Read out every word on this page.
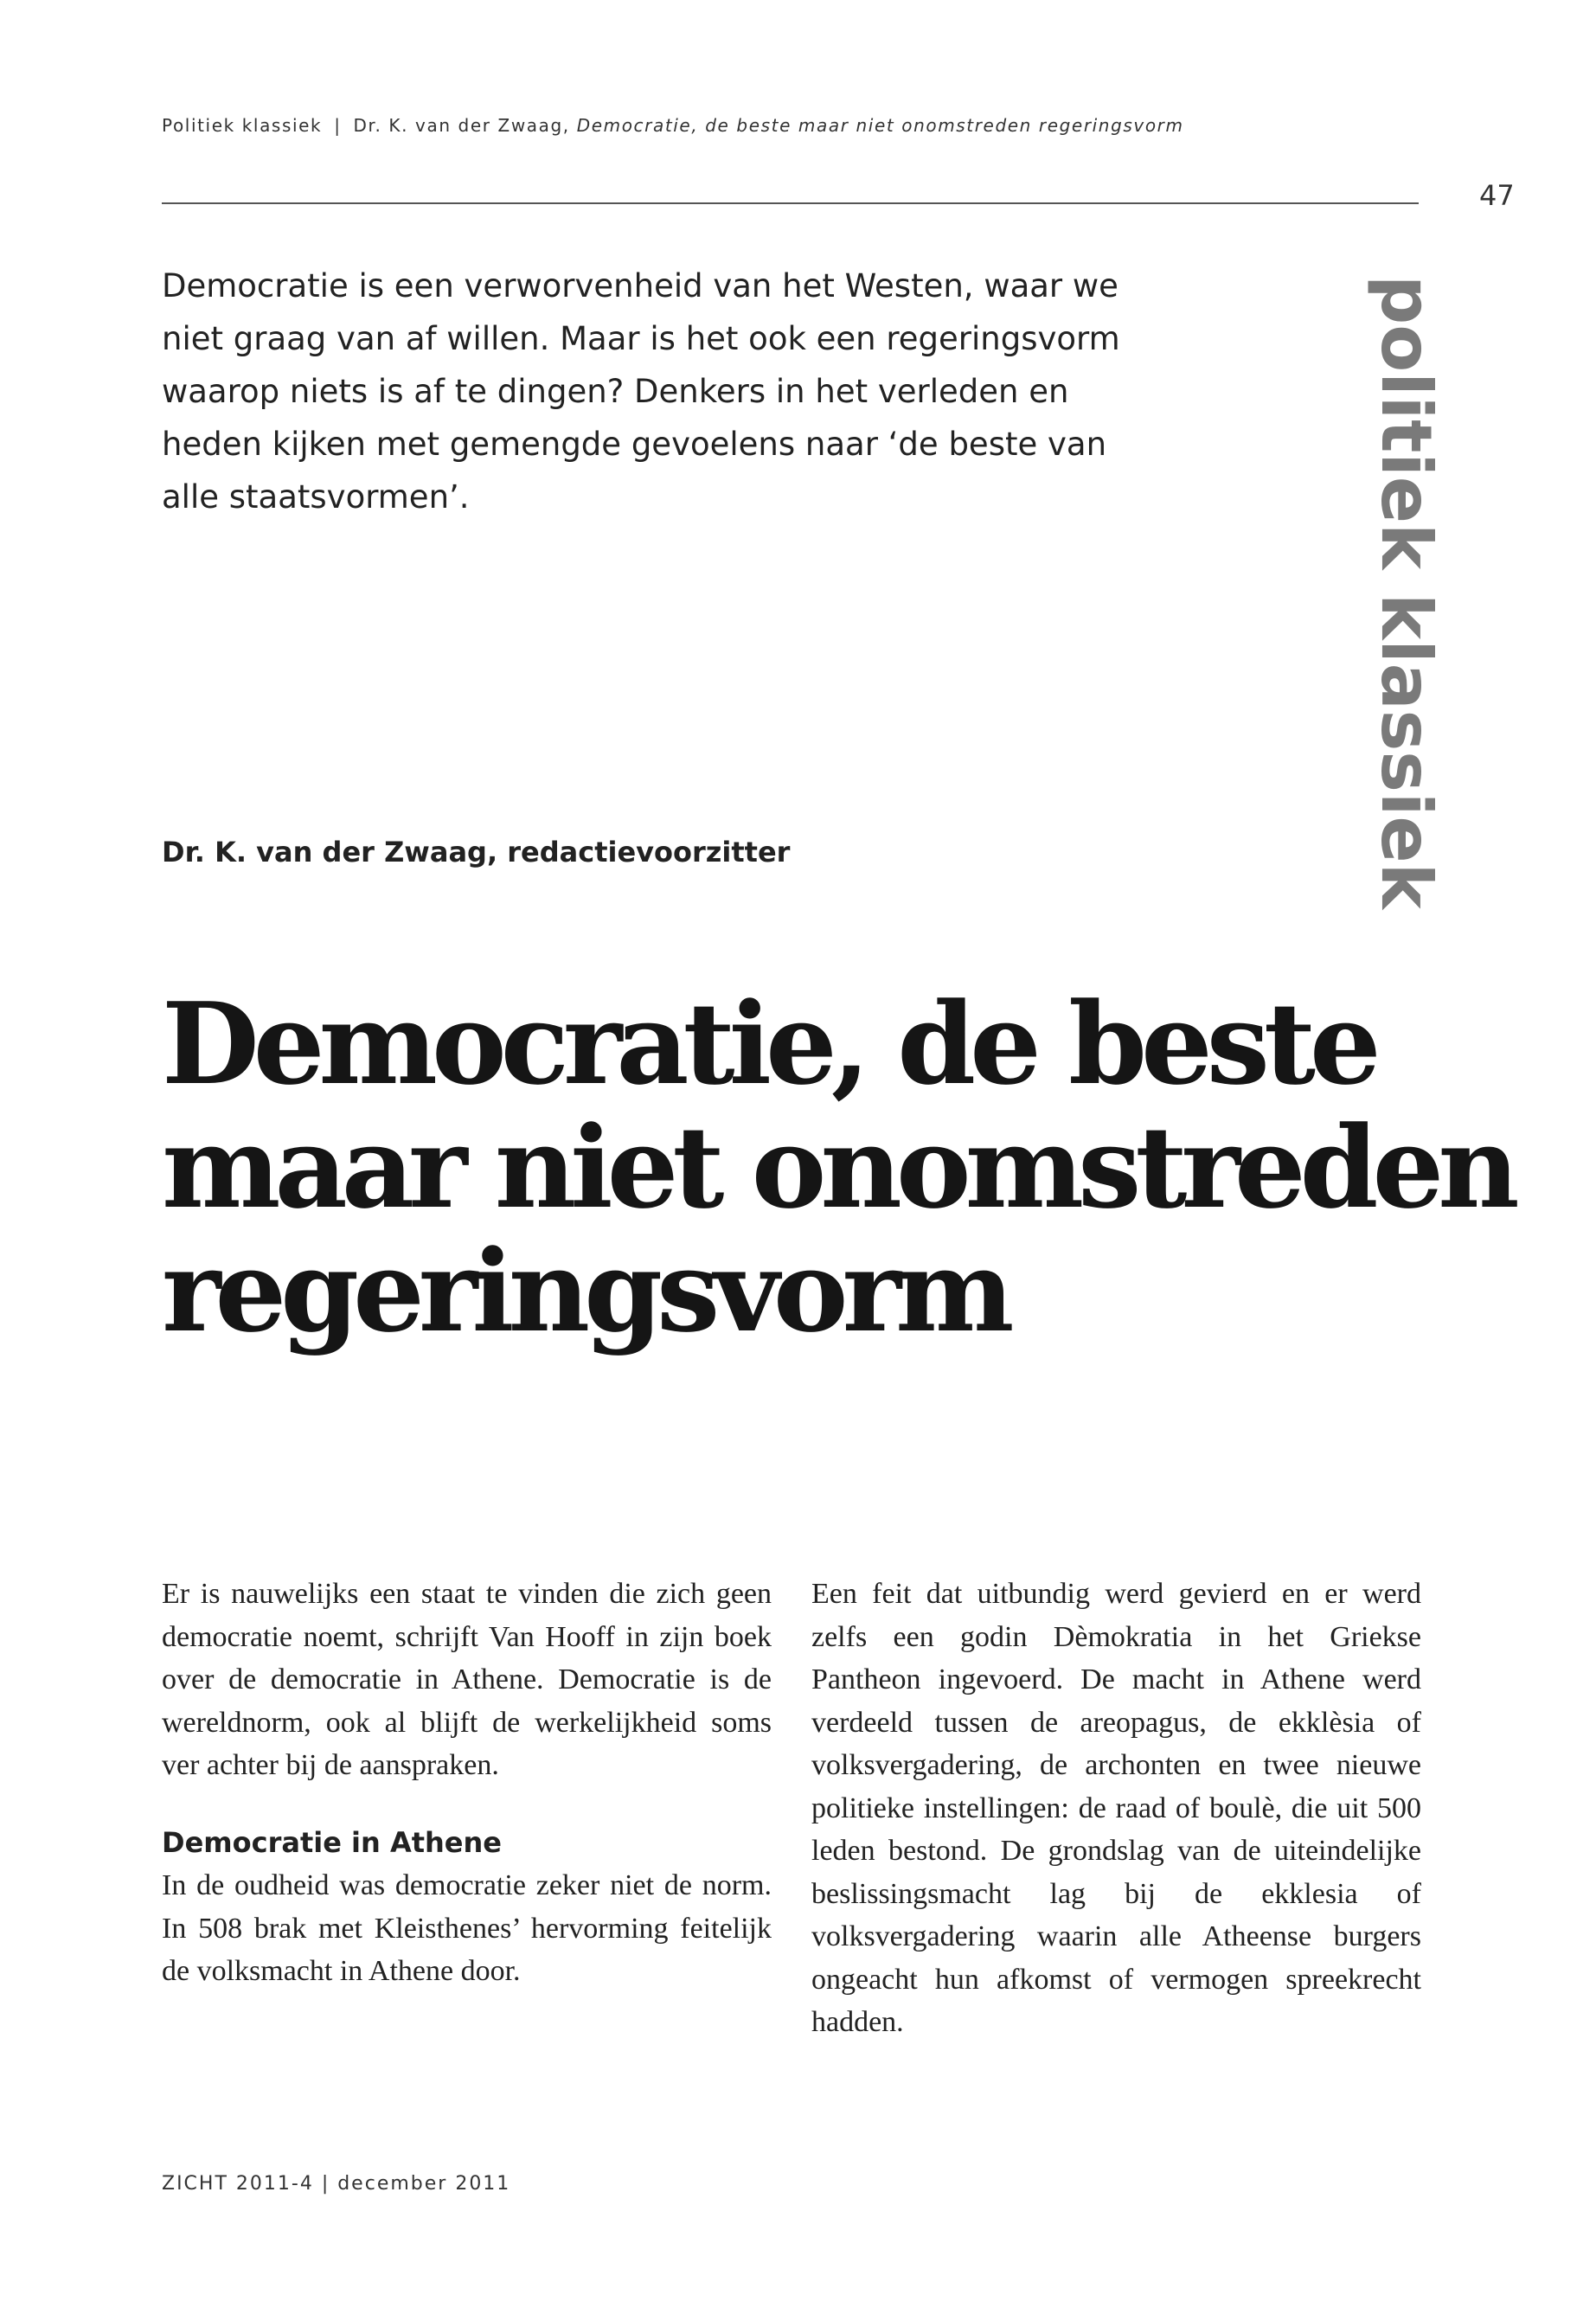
Politiek klassiek | Dr. K. van der Zwaag, Democratie, de beste maar niet onomstreden regeringsvorm
47

Democratie is een verworvenheid van het Westen, waar we niet graag van af willen. Maar is het ook een regeringsvorm waarop niets is af te dingen? Denkers in het verleden en heden kijken met gemengde gevoelens naar ‘de beste van alle staatsvormen’.	politiek klassiek

Dr. K. van der Zwaag, redactievoorzitter

Democratie, de beste
maar niet onomstreden
regeringsvorm

Er is nauwelijks een staat te vinden die zich geen democratie noemt, schrijft Van Hooff in zijn boek over de democratie in Athene. Democratie is de wereldnorm, ook al blijft de werkelijkheid soms ver achter bij de aanspraken.

Democratie in Athene

In de oudheid was democratie zeker niet de norm. In 508 brak met Kleisthenes’ hervorming feitelijk de volksmacht in Athene door.

Een feit dat uitbundig werd gevierd en er werd zelfs een godin Dèmokratia in het Griekse Pantheon ingevoerd. De macht in Athene werd verdeeld tussen de areopagus, de ekklèsia of volksvergadering, de archonten en twee nieuwe politieke instellingen: de raad of boulè, die uit 500 leden bestond. De grondslag van de uiteindelijke beslissingsmacht lag bij de ekklesia of volksvergadering waarin alle Atheense burgers ongeacht hun afkomst of vermogen spreekrecht hadden.

ZICHT 2011-4 | december 2011
